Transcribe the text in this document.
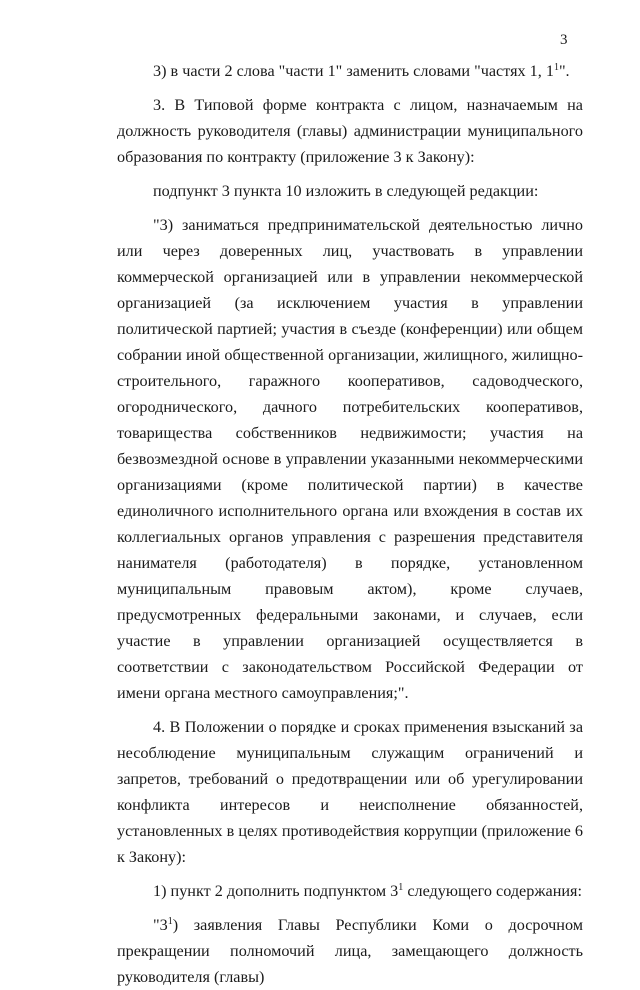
3

3) в части 2 слова "части 1" заменить словами "частях 1, $1^1$".

3. В Типовой форме контракта с лицом, назначаемым на должность руководителя (главы) администрации муниципального образования по контракту (приложение 3 к Закону):

подпункт 3 пункта 10 изложить в следующей редакции:

"3) заниматься предпринимательской деятельностью лично или через доверенных лиц, участвовать в управлении коммерческой организацией или в управлении некоммерческой организацией (за исключением участия в управлении политической партией; участия в съезде (конференции) или общем собрании иной общественной организации, жилищного, жилищно-строительного, гаражного кооперативов, садоводческого, огороднического, дачного потребительских кооперативов, товарищества собственников недвижимости; участия на безвозмездной основе в управлении указанными некоммерческими организациями (кроме политической партии) в качестве единоличного исполнительного органа или вхождения в состав их коллегиальных органов управления с разрешения представителя нанимателя (работодателя) в порядке, установленном муниципальным правовым актом), кроме случаев, предусмотренных федеральными законами, и случаев, если участие в управлении организацией осуществляется в соответствии с законодательством Российской Федерации от имени органа местного самоуправления;".

4. В Положении о порядке и сроках применения взысканий за несоблюдение муниципальным служащим ограничений и запретов, требований о предотвращении или об урегулировании конфликта интересов и неисполнение обязанностей, установленных в целях противодействия коррупции (приложение 6 к Закону):

1) пункт 2 дополнить подпунктом $3^1$ следующего содержания:

"$3^1$) заявления Главы Республики Коми о досрочном прекращении полномочий лица, замещающего должность руководителя (главы)
